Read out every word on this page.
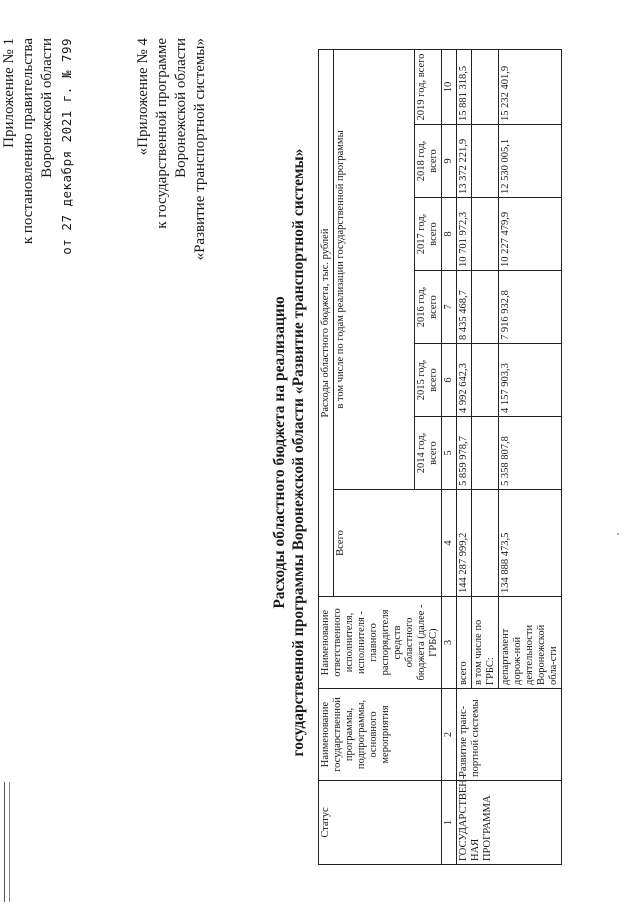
Приложение № 1 к постановлению правительства Воронежской области от 27 декабря 2021 г. № 799	«Приложение № 4 к государственной программе Воронежской области «Развитие транспортной системы»
Расходы областного бюджета на реализацию государственной программы Воронежской области «Развитие транспортной системы»
Статус	Наименование государственной программы, подпрограммы, основного мероприятия	Наименование ответственного исполнителя, исполнителя - главного распорядителя средств областного бюджета (далее - ГРБС)	Расходы областного бюджета, тыс. рублей						
			Всего	в том числе по годам реализации государственной программы					
				2014 год, всего	2015 год, всего	2016 год, всего	2017 год, всего	2018 год, всего	2019 год, всего
1	2	3	4	5	6	7	8	9	10
ГОСУДАРСТВЕН-НАЯ ПРОГРАММА	Развитие транс-портной системы	всего	144 287 999,2	5 859 978,7	4 992 642,3	8 435 468,7	10 701 972,3	13 372 221,9	15 881 318,5
		в том числе по ГРБС:							
		департамент дорож-ной деятельности Воронежской обла-сти	134 888 473,5	5 358 807,8	4 157 903,3	7 916 932,8	10 227 479,9	12 530 005,1	15 232 401,9
